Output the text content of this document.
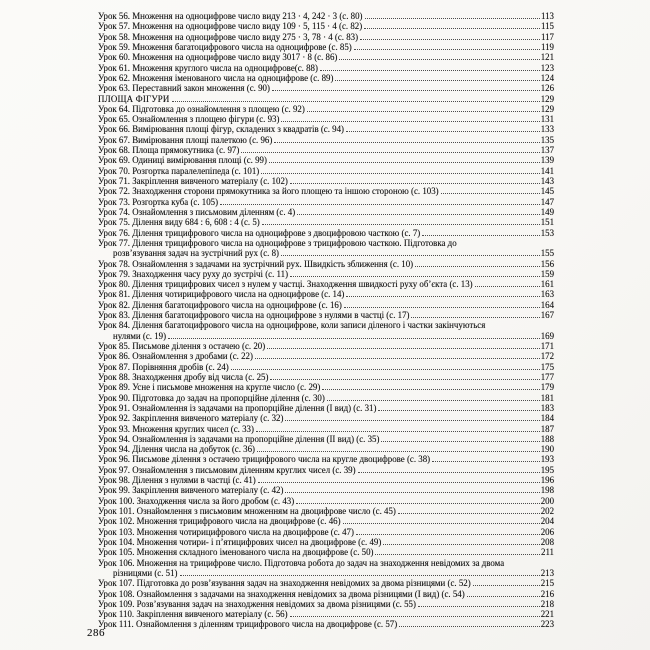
Урок 56. Множення на одноцифрове число виду 213 · 4, 242 · 3 (с. 80)	113
Урок 57. Множення на одноцифрове число виду 109 · 5, 115 · 4 (с. 82)	115
Урок 58. Множення на одноцифрове число виду 275 · 3, 78 · 4 (с. 83)	117
Урок 59. Множення багатоцифрового числа на одноцифрове (с. 85)	119
Урок 60. Множення на одноцифрове число виду 3017 · 8 (с. 86)	121
Урок 61. Множення круглого числа на одноцифрове(с. 88)	123
Урок 62. Множення іменованого числа на одноцифрове (с. 89)	124
Урок 63. Переставний закон множення (с. 90)	126
ПЛОЩА ФІГУРИ	129
Урок 64. Підготовка до ознайомлення з площею (с. 92)	129
Урок 65. Ознайомлення з площею фігури (с. 93)	131
Урок 66. Вимірювання площі фігур, складених з квадратів (с. 94)	133
Урок 67. Вимірювання площі палеткою (с. 96)	135
Урок 68. Площа прямокутника (с. 97)	137
Урок 69. Одиниці вимірювання площі (с. 99)	139
Урок 70. Розгортка паралелепіпеда (с. 101)	141
Урок 71. Закріплення вивченого матеріалу (с. 102)	143
Урок 72. Знаходження сторони прямокутника за його площею та іншою стороною (с. 103)	145
Урок 73. Розгортка куба (с. 105)	147
Урок 74. Ознайомлення з письмовим діленням (с. 4)	149
Урок 75. Ділення виду 684 : 6, 608 : 4 (с. 5)	151
Урок 76. Ділення трицифрового числа на одноцифрове з двоцифровою часткою (с. 7)	153
Урок 77. Ділення трицифрового числа на одноцифрове з трицифровою часткою. Підготовка до
розв’язування задач на зустрічний рух (с. 8)	155
Урок 78. Ознайомлення з задачами на зустрічний рух. Швидкість зближення (с. 10)	156
Урок 79. Знаходження часу руху до зустрічі (с. 11)	159
Урок 80. Ділення трицифрових чисел з нулем у частці. Знаходження швидкості руху об’єкта (с. 13)	161
Урок 81. Ділення чотирицифрового числа на одноцифрове (с. 14)	163
Урок 82. Ділення багатоцифрового числа на одноцифрове (с. 16)	164
Урок 83. Ділення багатоцифрового числа на одноцифрове з нулями в частці (с. 17)	167
Урок 84. Ділення багатоцифрового числа на одноцифрове, коли записи діленого і частки закінчуються
нулями (с. 19)	169
Урок 85. Письмове ділення з остачею (с. 20)	171
Урок 86. Ознайомлення з дробами (с. 22)	172
Урок 87. Порівняння дробів (с. 24)	175
Урок 88. Знаходження дробу від числа (с. 25)	177
Урок 89. Усне і письмове множення на кругле число (с. 29)	179
Урок 90. Підготовка до задач на пропорційне ділення (с. 30)	181
Урок 91. Ознайомлення із задачами на пропорційне ділення (І вид) (с. 31)	183
Урок 92. Закріплення вивченого матеріалу (с. 32)	184
Урок 93. Множення круглих чисел (с. 33)	187
Урок 94. Ознайомлення із задачами на пропорційне ділення (ІІ вид) (с. 35)	188
Урок 94. Ділення числа на добуток (с. 36)	190
Урок 96. Письмове ділення з остачею трицифрового числа на кругле двоцифрове (с. 38)	193
Урок 97. Ознайомлення з письмовим діленням круглих чисел (с. 39)	195
Урок 98. Ділення з нулями в частці (с. 41)	196
Урок 99. Закріплення вивченого матеріалу (с. 42)	198
Урок 100. Знаходження числа за його дробом (с. 43)	200
Урок 101. Ознайомлення з письмовим множенням на двоцифрове число (с. 45)	202
Урок 102. Множення трицифрового числа на двоцифрове (с. 46)	204
Урок 103. Множення чотирицифрового числа на двоцифрове (с. 47)	206
Урок 104. Множення чотири- і п’ятицифрових чисел на двоцифрове (с. 49)	208
Урок 105. Множення складного іменованого числа на двоцифрове (с. 50)	211
Урок 106. Множення на трицифрове число. Підготовча робота до задач на знаходження невідомих за двома
різницями (с. 51)	213
Урок 107. Підготовка до розв’язування задач на знаходження невідомих за двома різницями (с. 52)	215
Урок 108. Ознайомлення з задачами на знаходження невідомих за двома різницями (І вид) (с. 54)	216
Урок 109. Розв’язування задач на знаходження невідомих за двома різницями (с. 55)	218
Урок 110. Закріплення вивченого матеріалу (с. 56)	221
Урок 111. Ознайомлення з діленням трицифрового числа на двоцифрове (с. 57)	223
286
